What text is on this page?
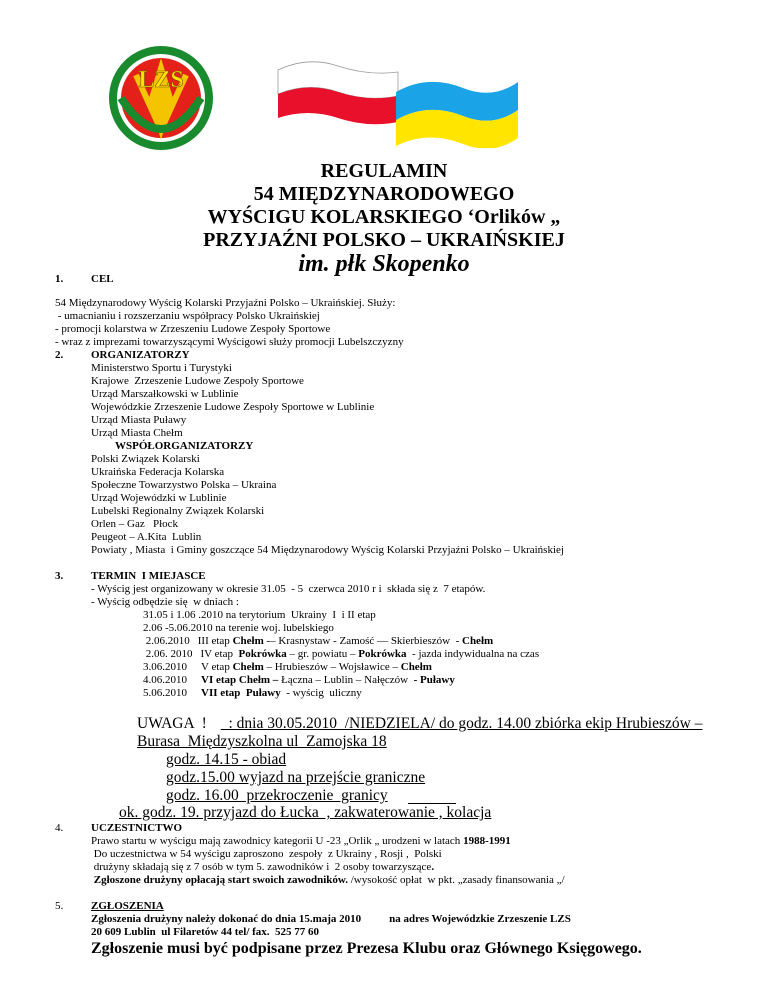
LZS
REGULAMIN
54 MIĘDZYNARODOWEGO
WYŚCIGU KOLARSKIEGO ‘Orlików „
PRZYJAŹNI POLSKO – UKRAIŃSKIEJ
im. płk Skopenko
1.	CEL
54 Międzynarodowy Wyścig Kolarski Przyjaźni Polsko – Ukraińskiej. Służy:
- umacnianiu i rozszerzaniu współpracy Polsko Ukraińskiej
- promocji kolarstwa w Zrzeszeniu Ludowe Zespoły Sportowe
- wraz z imprezami towarzyszącymi Wyścigowi służy promocji Lubelszczyzny
2.	ORGANIZATORZY
Ministerstwo Sportu i Turystyki
Krajowe  Zrzeszenie Ludowe Zespoły Sportowe
Urząd Marszałkowski w Lublinie
Wojewódzkie Zrzeszenie Ludowe Zespoły Sportowe w Lublinie
Urząd Miasta Puławy
Urząd Miasta Chełm
WSPÓŁORGANIZATORZY
Polski Związek Kolarski
Ukraińska Federacja Kolarska
Społeczne Towarzystwo Polska – Ukraina
Urząd Wojewódzki w Lublinie
Lubelski Regionalny Związek Kolarski
Orlen – Gaz   Płock
Peugeot – A.Kita  Lublin
Powiaty , Miasta  i Gminy goszczące 54 Międzynarodowy Wyścig Kolarski Przyjaźni Polsko – Ukraińskiej
3.	TERMIN  I MIEJASCE
- Wyścig jest organizowany w okresie 31.05  - 5  czerwca 2010 r i  składa się z  7 etapów.
- Wyścig odbędzie się  w dniach :
31.05 i 1.06 .2010 na terytorium  Ukrainy  I  i II etap
2.06 -5.06.2010 na terenie woj. lubelskiego
2.06.2010 III etap Chełm -– Krasnystaw - Zamość — Skierbieszów  - Chełm
2.06. 2010 IV etap  Pokrówka – gr. powiatu – Pokrówka  - jazda indywidualna na czas
3.06.2010 V etap Chełm – Hrubieszów – Wojsławice – Chełm
4.06.2010 VI etap Chełm – Łączna – Lublin – Nałęczów  - Puławy
5.06.2010 VII etap  Puławy  - wyścig  uliczny
UWAGA  !  : dnia 30.05.2010  /NIEDZIELA/ do godz. 14.00 zbiórka ekip Hrubieszów –
Burasa  Międzyszkolna ul  Zamojska 18
godz. 14.15 - obiad
godz.15.00 wyjazd na przejście graniczne
godz. 16.00  przekroczenie  granicy
ok. godz. 19. przyjazd do Łucka  , zakwaterowanie , kolacja
4.	UCZESTNICTWO
Prawo startu w wyścigu mają zawodnicy kategorii U -23 „Orlik „ urodzeni w latach 1988-1991
Do uczestnictwa w 54 wyścigu zaproszono  zespoły  z Ukrainy , Rosji ,  Polski
drużyny składają się z 7 osób w tym 5. zawodników i  2 osoby towarzyszące.
Zgłoszone drużyny opłacają start swoich zawodników. /wysokość opłat  w pkt. „zasady finansowania „/
5.	ZGŁOSZENIA
Zgłoszenia drużyny należy dokonać do dnia 15.maja 2010	na adres Wojewódzkie Zrzeszenie LZS
20 609 Lublin  ul Filaretów 44 tel/ fax.  525 77 60
Zgłoszenie musi być podpisane przez Prezesa Klubu oraz Głównego Księgowego.
